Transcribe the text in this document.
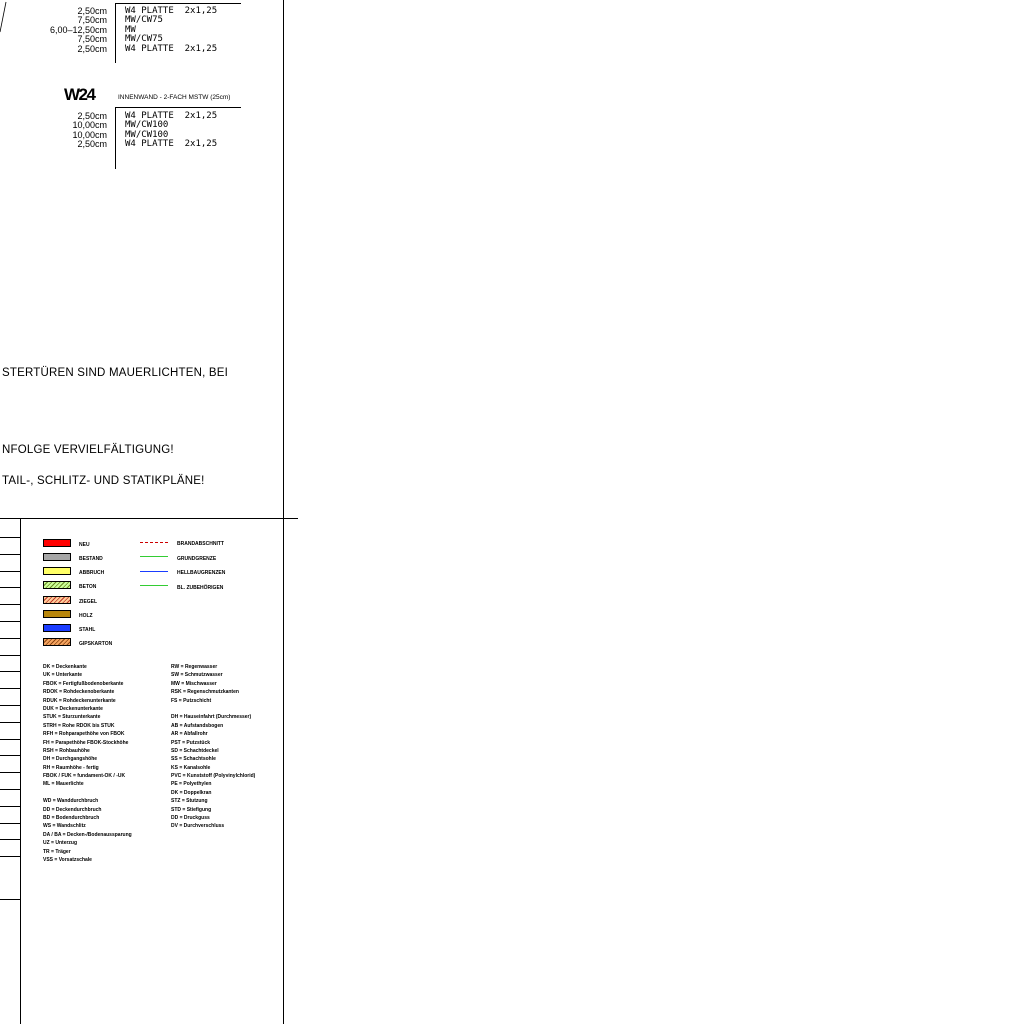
2,50cm
7,50cm
6,00–12,50cm
7,50cm
2,50cm
W4 PLATTE  2x1,25
MW/CW75
MW
MW/CW75
W4 PLATTE  2x1,25
W24	INNENWAND - 2-FACH MSTW (25cm)
2,50cm
10,00cm
10,00cm
2,50cm
W4 PLATTE  2x1,25
MW/CW100
MW/CW100
W4 PLATTE  2x1,25
STERTÜREN SIND MAUERLICHTEN, BEI
NFOLGE VERVIELFÄLTIGUNG!
TAIL-, SCHLITZ- UND STATIKPLÄNE!
NEU
BESTAND
ABBRUCH
BETON
ZIEGEL
HOLZ
STAHL
GIPSKARTON
BRANDABSCHNITT
GRUNDGRENZE
HELLBAUGRENZEN
BL. ZUBEHÖRIGEN
DK = Deckenkante
UK = Unterkante
FBOK = Fertigfußbodenoberkante
RDOK = Rohdeckenoberkante
RDUK = Rohdeckenunterkante
DUK = Deckenunterkante
STUK = Sturzunterkante
STRH = Rohe RDOK bis STUK
RFH = Rohparapethöhe von FBOK
FH = Parapethöhe FBOK-Stockhöhe
RSH = Rohbauhöhe
DH = Durchgangshöhe
RH = Raumhöhe - fertig
FBOK / FUK = fundament-OK / -UK
ML = Mauerlichte
WD = Wanddurchbruch
DD = Deckendurchbruch
BD = Bodendurchbruch
WS = Wandschlitz
DA / BA = Decken-/Bodenaussparung
UZ = Unterzug
TR = Träger
VSS = Vorsatzschale
RW = Regenwasser
SW = Schmutzwasser
MW = Mischwasser
RSK = Regenschmutzkanten
FS = Putzschicht
DH = Hauseinfahrt (Durchmesser)
AB = Aufstandsbogen
AR = Abfallrohr
PST = Putzstück
SD = Schachtdeckel
SS = Schachtsohle
KS = Kanalsohle
PVC = Kunststoff (Polyvinylchlorid)
PE = Polyethylen
DK = Doppelkran
STZ = Stutzung
STD = Stiefigung
DD = Druckguss
DV = Durchverschluss
